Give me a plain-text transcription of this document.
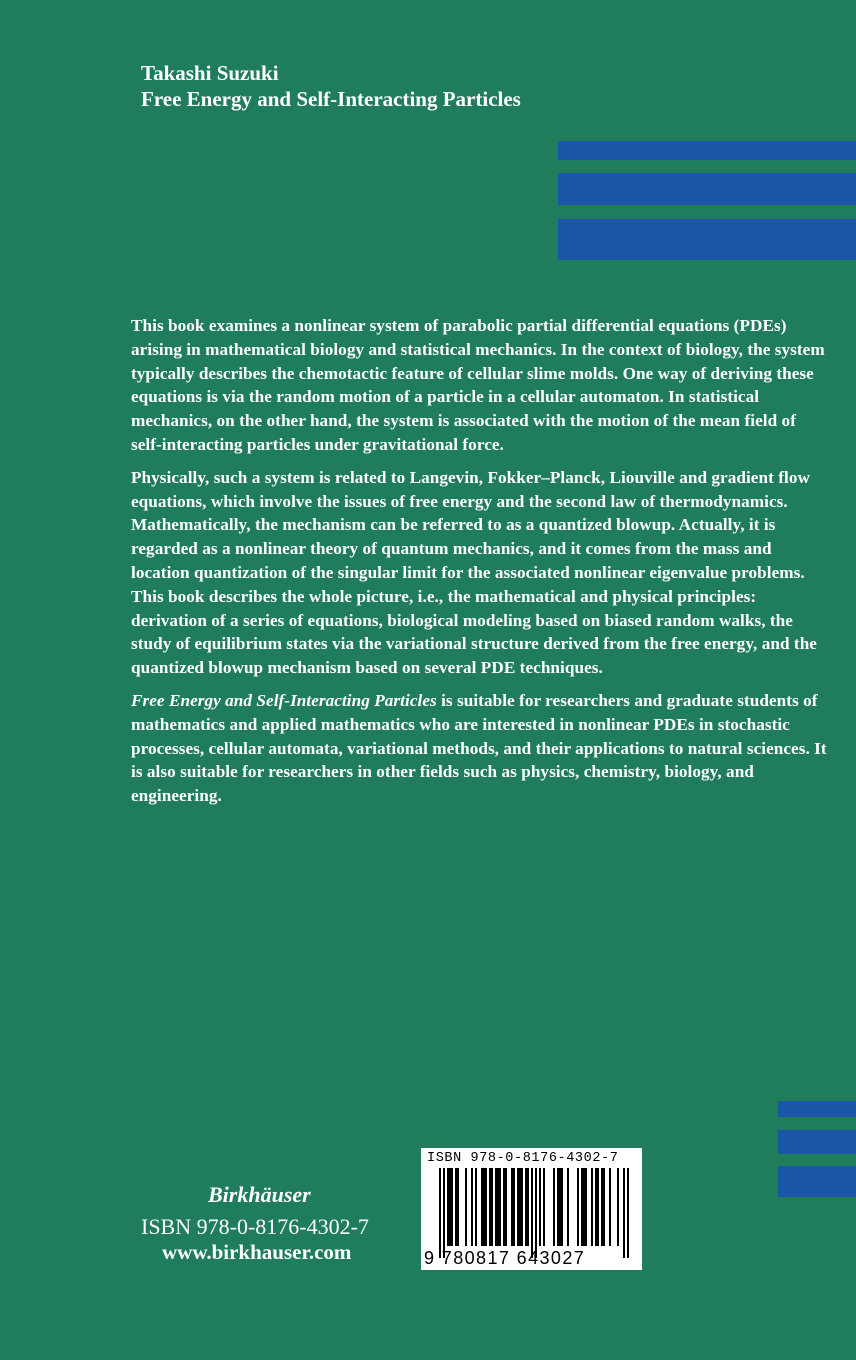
Takashi Suzuki
Free Energy and Self-Interacting Particles

This book examines a nonlinear system of parabolic partial differential equations (PDEs) arising in mathematical biology and statistical mechanics. In the context of biology, the system typically describes the chemotactic feature of cellular slime molds. One way of deriving these equations is via the random motion of a particle in a cellular automaton. In statistical mechanics, on the other hand, the system is associated with the motion of the mean field of self-interacting particles under gravitational force.

Physically, such a system is related to Langevin, Fokker–Planck, Liouville and gradient flow equations, which involve the issues of free energy and the second law of thermodynamics. Mathematically, the mechanism can be referred to as a quantized blowup. Actually, it is regarded as a nonlinear theory of quantum mechanics, and it comes from the mass and location quantization of the singular limit for the associated nonlinear eigenvalue problems. This book describes the whole picture, i.e., the mathematical and physical principles: derivation of a series of equations, biological modeling based on biased random walks, the study of equilibrium states via the variational structure derived from the free energy, and the quantized blowup mechanism based on several PDE techniques.

Free Energy and Self-Interacting Particles is suitable for researchers and graduate students of mathematics and applied mathematics who are interested in nonlinear PDEs in stochastic processes, cellular automata, variational methods, and their applications to natural sciences. It is also suitable for researchers in other fields such as physics, chemistry, biology, and engineering.

Birkhäuser
ISBN 978-0-8176-4302-7
www.birkhauser.com
ISBN 978-0-8176-4302-7
9 780817 643027
